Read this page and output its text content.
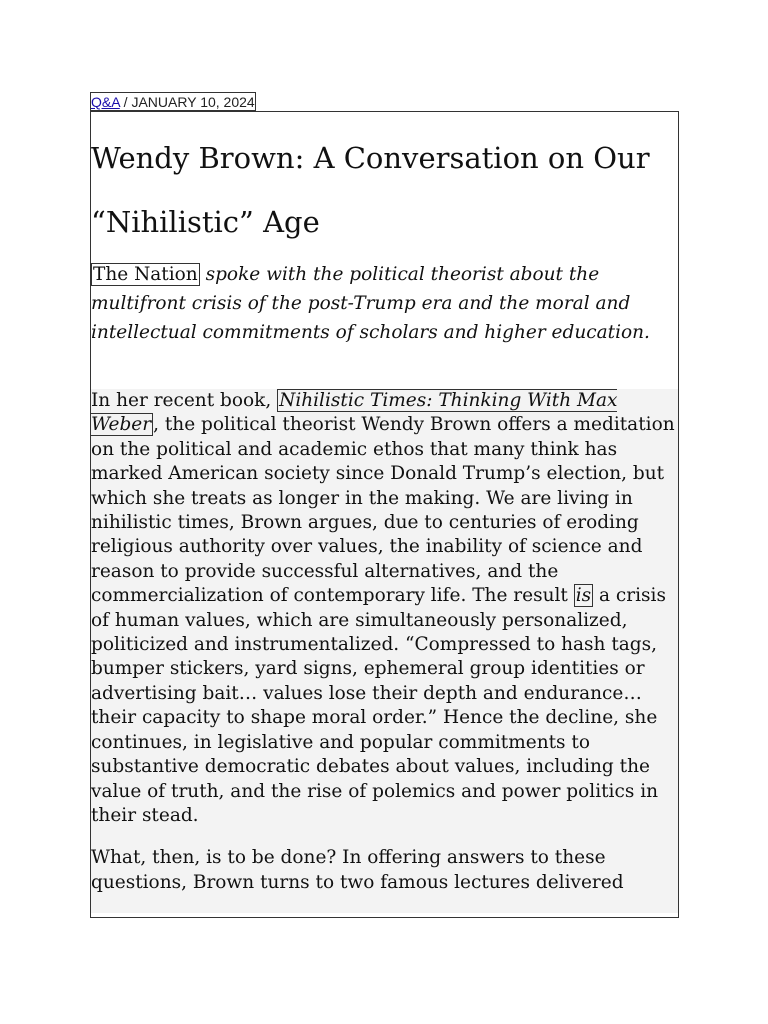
Q&A / JANUARY 10, 2024
Wendy Brown: A Conversation on Our “Nihilistic” Age

The Nation spoke with the political theorist about the multifront crisis of the post-Trump era and the moral and intellectual commitments of scholars and higher education.

In her recent book, Nihilistic Times: Thinking With Max Weber , the political theorist Wendy Brown offers a meditation on the political and academic ethos that many think has marked American society since Donald Trump’s election, but which she treats as longer in the making. We are living in nihilistic times, Brown argues, due to centuries of eroding religious authority over values, the inability of science and reason to provide successful alternatives, and the commercialization of contemporary life. The result is a crisis of human values, which are simultaneously personalized, politicized and instrumentalized. “Compressed to hash tags, bumper stickers, yard signs, ephemeral group identities or advertising bait… values lose their depth and endurance…their capacity to shape moral order.” Hence the decline, she continues, in legislative and popular commitments to substantive democratic debates about values, including the value of truth, and the rise of polemics and power politics in their stead.

What, then, is to be done? In offering answers to these questions, Brown turns to two famous lectures delivered
